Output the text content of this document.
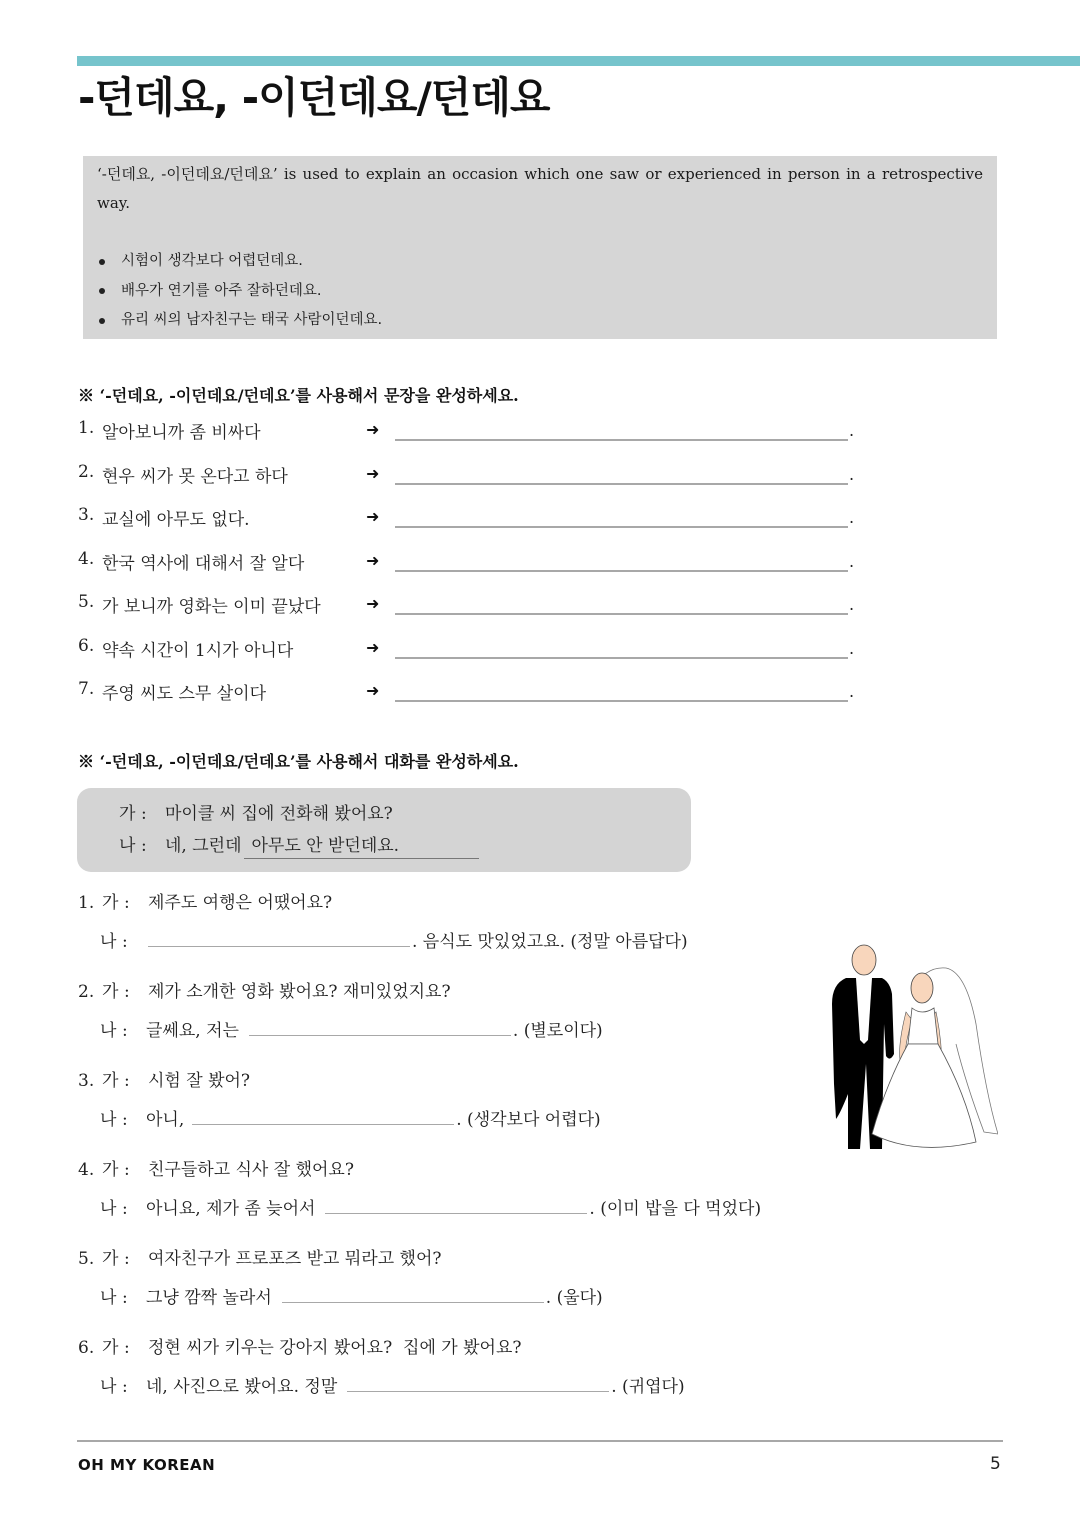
-던데요, -이던데요/던데요

‘-던데요, -이던데요/던데요’ is used to explain an occasion which one saw or experienced in person in a retrospective way.

시험이 생각보다 어렵던데요.
배우가 연기를 아주 잘하던데요.
유리 씨의 남자친구는 태국 사람이던데요.
※ ‘-던데요, -이던데요/던데요’를 사용해서 문장을 완성하세요.
1. 알아보니까 좀 비싸다	➜	.
2. 현우 씨가 못 온다고 하다	➜	.
3. 교실에 아무도 없다.	➜	.
4. 한국 역사에 대해서 잘 알다	➜	.
5. 가 보니까 영화는 이미 끝났다	➜	.
6. 약속 시간이 1시가 아니다	➜	.
7. 주영 씨도 스무 살이다	➜	.
※ ‘-던데요, -이던데요/던데요’를 사용해서 대화를 완성하세요.
가 :	마이클 씨 집에 전화해 봤어요?
나 :	네, 그런데 아무도 안 받던데요.
1. 가 :	제주도 여행은 어땠어요?
나 :	. 음식도 맛있었고요. (정말 아름답다)
2. 가 :	제가 소개한 영화 봤어요? 재미있었지요?
나 :	글쎄요, 저는	. (별로이다)
3. 가 :	시험 잘 봤어?
나 :	아니,	. (생각보다 어렵다)
4. 가 :	친구들하고 식사 잘 했어요?
나 :	아니요, 제가 좀 늦어서	. (이미 밥을 다 먹었다)
5. 가 :	여자친구가 프로포즈 받고 뭐라고 했어?
나 :	그냥 깜짝 놀라서	. (울다)
6. 가 :	정현 씨가 키우는 강아지 봤어요?  집에 가 봤어요?
나 :	네, 사진으로 봤어요. 정말	. (귀엽다)
OH MY KOREAN	5
